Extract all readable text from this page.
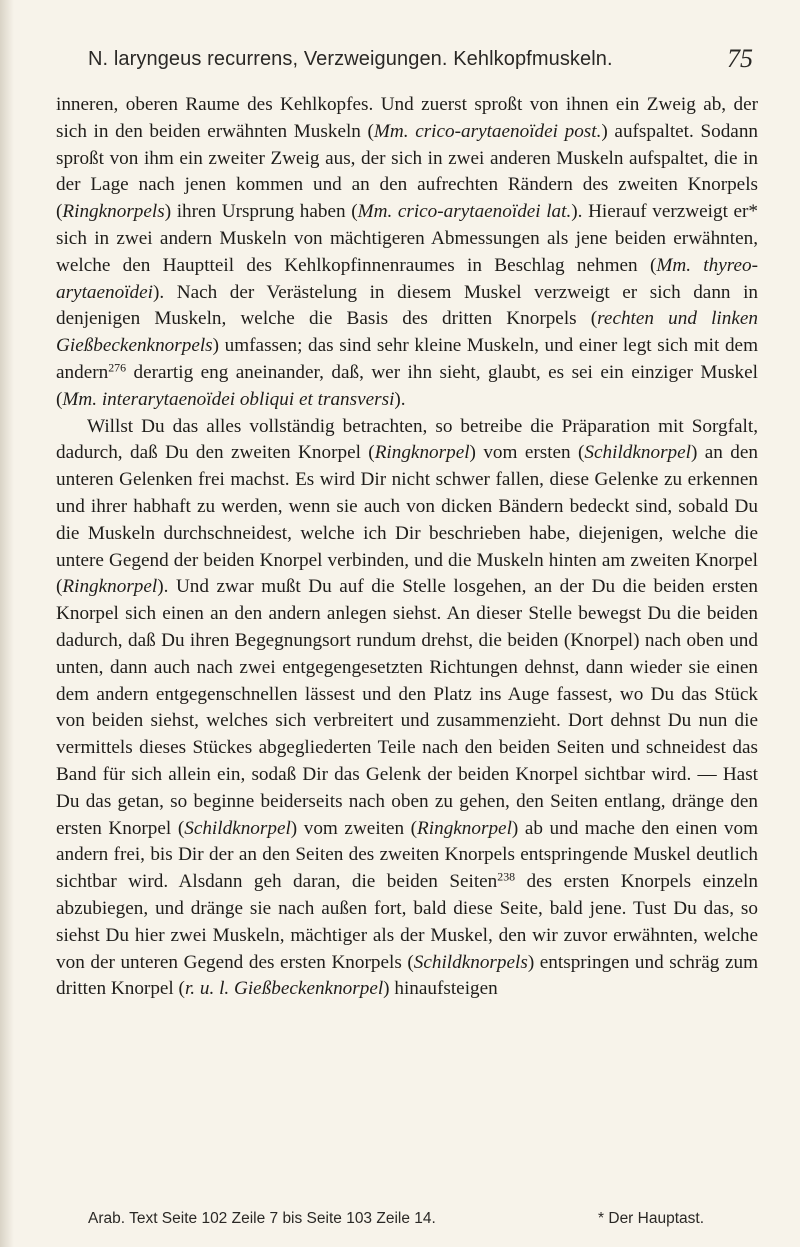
N. laryngeus recurrens, Verzweigungen. Kehlkopfmuskeln.	75

inneren, oberen Raume des Kehlkopfes. Und zuerst sproßt von ihnen ein Zweig ab, der sich in den beiden erwähnten Muskeln (Mm. crico-arytaenoïdei post.) aufspaltet. Sodann sproßt von ihm ein zweiter Zweig aus, der sich in zwei anderen Muskeln aufspaltet, die in der Lage nach jenen kommen und an den aufrechten Rändern des zweiten Knorpels (Ringknorpels) ihren Ursprung haben (Mm. crico-arytaenoïdei lat.). Hierauf verzweigt er* sich in zwei andern Muskeln von mächtigeren Abmessungen als jene beiden erwähnten, welche den Hauptteil des Kehlkopfinnenraumes in Beschlag nehmen (Mm. thyreo-arytaenoïdei). Nach der Verästelung in diesem Muskel verzweigt er sich dann in denjenigen Muskeln, welche die Basis des dritten Knorpels (rechten und linken Gießbeckenknorpels) umfassen; das sind sehr kleine Muskeln, und einer legt sich mit dem andern$^{276}$ derartig eng aneinander, daß, wer ihn sieht, glaubt, es sei ein einziger Muskel (Mm. interarytaenoïdei obliqui et transversi).

Willst Du das alles vollständig betrachten, so betreibe die Präparation mit Sorgfalt, dadurch, daß Du den zweiten Knorpel (Ringknorpel) vom ersten (Schildknorpel) an den unteren Gelenken frei machst. Es wird Dir nicht schwer fallen, diese Gelenke zu erkennen und ihrer habhaft zu werden, wenn sie auch von dicken Bändern bedeckt sind, sobald Du die Muskeln durchschneidest, welche ich Dir beschrieben habe, diejenigen, welche die untere Gegend der beiden Knorpel verbinden, und die Muskeln hinten am zweiten Knorpel (Ringknorpel). Und zwar mußt Du auf die Stelle losgehen, an der Du die beiden ersten Knorpel sich einen an den andern anlegen siehst. An dieser Stelle bewegst Du die beiden dadurch, daß Du ihren Begegnungsort rundum drehst, die beiden (Knorpel) nach oben und unten, dann auch nach zwei entgegengesetzten Richtungen dehnst, dann wieder sie einen dem andern entgegenschnellen lässest und den Platz ins Auge fassest, wo Du das Stück von beiden siehst, welches sich verbreitert und zusammenzieht. Dort dehnst Du nun die vermittels dieses Stückes abgegliederten Teile nach den beiden Seiten und schneidest das Band für sich allein ein, sodaß Dir das Gelenk der beiden Knorpel sichtbar wird. — Hast Du das getan, so beginne beiderseits nach oben zu gehen, den Seiten entlang, dränge den ersten Knorpel (Schildknorpel) vom zweiten (Ringknorpel) ab und mache den einen vom andern frei, bis Dir der an den Seiten des zweiten Knorpels entspringende Muskel deutlich sichtbar wird. Alsdann geh daran, die beiden Seiten$^{238}$ des ersten Knorpels einzeln abzubiegen, und dränge sie nach außen fort, bald diese Seite, bald jene. Tust Du das, so siehst Du hier zwei Muskeln, mächtiger als der Muskel, den wir zuvor erwähnten, welche von der unteren Gegend des ersten Knorpels (Schildknorpels) entspringen und schräg zum dritten Knorpel (r. u. l. Gießbeckenknorpel) hinaufsteigen

Arab. Text Seite 102 Zeile 7 bis Seite 103 Zeile 14.	* Der Hauptast.
